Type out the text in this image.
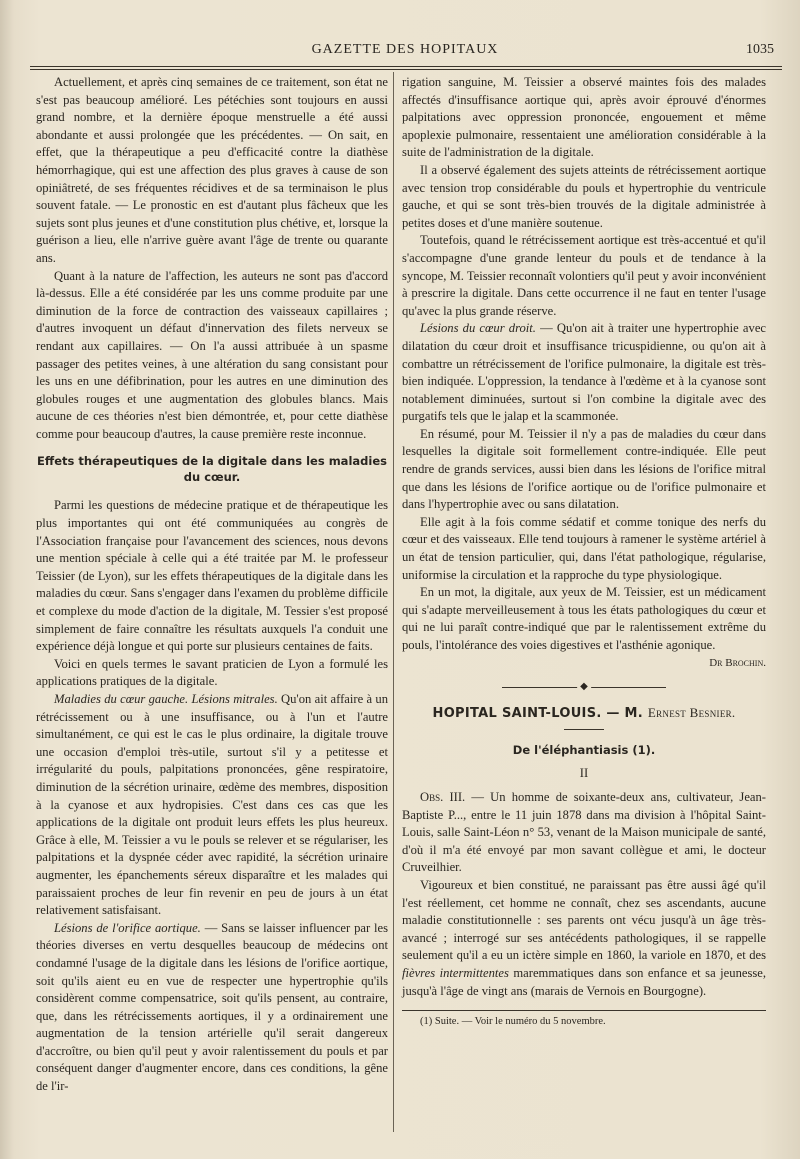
GAZETTE DES HOPITAUX	1035

Actuellement, et après cinq semaines de ce traitement, son état ne s'est pas beaucoup amélioré. Les pétéchies sont toujours en aussi grand nombre, et la dernière époque menstruelle a été aussi abondante et aussi prolongée que les précédentes. — On sait, en effet, que la thérapeutique a peu d'efficacité contre la diathèse hémorrhagique, qui est une affection des plus graves à cause de son opiniâtreté, de ses fréquentes récidives et de sa terminaison le plus souvent fatale. — Le pronostic en est d'autant plus fâcheux que les sujets sont plus jeunes et d'une constitution plus chétive, et, lorsque la guérison a lieu, elle n'arrive guère avant l'âge de trente ou quarante ans.

Quant à la nature de l'affection, les auteurs ne sont pas d'accord là-dessus. Elle a été considérée par les uns comme produite par une diminution de la force de contraction des vaisseaux capillaires ; d'autres invoquent un défaut d'innervation des filets nerveux se rendant aux capillaires. — On l'a aussi attribuée à un spasme passager des petites veines, à une altération du sang consistant pour les uns en une défibrination, pour les autres en une diminution des globules rouges et une augmentation des globules blancs. Mais aucune de ces théories n'est bien démontrée, et, pour cette diathèse comme pour beaucoup d'autres, la cause première reste inconnue.

Effets thérapeutiques de la digitale dans les maladies du cœur.

Parmi les questions de médecine pratique et de thérapeutique les plus importantes qui ont été communiquées au congrès de l'Association française pour l'avancement des sciences, nous devons une mention spéciale à celle qui a été traitée par M. le professeur Teissier (de Lyon), sur les effets thérapeutiques de la digitale dans les maladies du cœur. Sans s'engager dans l'examen du problème difficile et complexe du mode d'action de la digitale, M. Tessier s'est proposé simplement de faire connaître les résultats auxquels l'a conduit une expérience déjà longue et qui porte sur plusieurs centaines de faits.

Voici en quels termes le savant praticien de Lyon a formulé les applications pratiques de la digitale.

Maladies du cœur gauche. Lésions mitrales. Qu'on ait affaire à un rétrécissement ou à une insuffisance, ou à l'un et l'autre simultanément, ce qui est le cas le plus ordinaire, la digitale trouve une occasion d'emploi très-utile, surtout s'il y a petitesse et irrégularité du pouls, palpitations prononcées, gêne respiratoire, diminution de la sécrétion urinaire, œdème des membres, disposition à la cyanose et aux hydropisies. C'est dans ces cas que les applications de la digitale ont produit leurs effets les plus heureux. Grâce à elle, M. Teissier a vu le pouls se relever et se régulariser, les palpitations et la dyspnée céder avec rapidité, la sécrétion urinaire augmenter, les épanchements séreux disparaître et les malades qui paraissaient proches de leur fin revenir en peu de jours à un état relativement satisfaisant.

Lésions de l'orifice aortique. — Sans se laisser influencer par les théories diverses en vertu desquelles beaucoup de médecins ont condamné l'usage de la digitale dans les lésions de l'orifice aortique, soit qu'ils aient eu en vue de respecter une hypertrophie qu'ils considèrent comme compensatrice, soit qu'ils pensent, au contraire, que, dans les rétrécissements aortiques, il y a ordinairement une augmentation de la tension artérielle qu'il serait dangereux d'accroître, ou bien qu'il peut y avoir ralentissement du pouls et par conséquent danger d'augmenter encore, dans ces conditions, la gêne de l'ir-

rigation sanguine, M. Teissier a observé maintes fois des malades affectés d'insuffisance aortique qui, après avoir éprouvé d'énormes palpitations avec oppression prononcée, engouement et même apoplexie pulmonaire, ressentaient une amélioration considérable à la suite de l'administration de la digitale.

Il a observé également des sujets atteints de rétrécissement aortique avec tension trop considérable du pouls et hypertrophie du ventricule gauche, et qui se sont très-bien trouvés de la digitale administrée à petites doses et d'une manière soutenue.

Toutefois, quand le rétrécissement aortique est très-accentué et qu'il s'accompagne d'une grande lenteur du pouls et de tendance à la syncope, M. Teissier reconnaît volontiers qu'il peut y avoir inconvénient à prescrire la digitale. Dans cette occurrence il ne faut en tenter l'usage qu'avec la plus grande réserve.

Lésions du cœur droit. — Qu'on ait à traiter une hypertrophie avec dilatation du cœur droit et insuffisance tricuspidienne, ou qu'on ait à combattre un rétrécissement de l'orifice pulmonaire, la digitale est très-bien indiquée. L'oppression, la tendance à l'œdème et à la cyanose sont notablement diminuées, surtout si l'on combine la digitale avec des purgatifs tels que le jalap et la scammonée.

En résumé, pour M. Teissier il n'y a pas de maladies du cœur dans lesquelles la digitale soit formellement contre-indiquée. Elle peut rendre de grands services, aussi bien dans les lésions de l'orifice mitral que dans les lésions de l'orifice aortique ou de l'orifice pulmonaire et dans l'hypertrophie avec ou sans dilatation.

Elle agit à la fois comme sédatif et comme tonique des nerfs du cœur et des vaisseaux. Elle tend toujours à ramener le système artériel à un état de tension particulier, qui, dans l'état pathologique, régularise, uniformise la circulation et la rapproche du type physiologique.

En un mot, la digitale, aux yeux de M. Teissier, est un médicament qui s'adapte merveilleusement à tous les états pathologiques du cœur et qui ne lui paraît contre-indiqué que par le ralentissement extrême du pouls, l'intolérance des voies digestives et l'asthénie agonique.

Dr Brochin.
◆
HOPITAL SAINT-LOUIS. — M. Ernest Besnier.
De l'éléphantiasis (1).
II

Obs. III. — Un homme de soixante-deux ans, cultivateur, Jean-Baptiste P..., entre le 11 juin 1878 dans ma division à l'hôpital Saint-Louis, salle Saint-Léon n° 53, venant de la Maison municipale de santé, d'où il m'a été envoyé par mon savant collègue et ami, le docteur Cruveilhier.

Vigoureux et bien constitué, ne paraissant pas être aussi âgé qu'il l'est réellement, cet homme ne connaît, chez ses ascendants, aucune maladie constitutionnelle : ses parents ont vécu jusqu'à un âge très-avancé ; interrogé sur ses antécédents pathologiques, il se rappelle seulement qu'il a eu un ictère simple en 1860, la variole en 1870, et des fièvres intermittentes maremmatiques dans son enfance et sa jeunesse, jusqu'à l'âge de vingt ans (marais de Vernois en Bourgogne).

(1) Suite. — Voir le numéro du 5 novembre.
